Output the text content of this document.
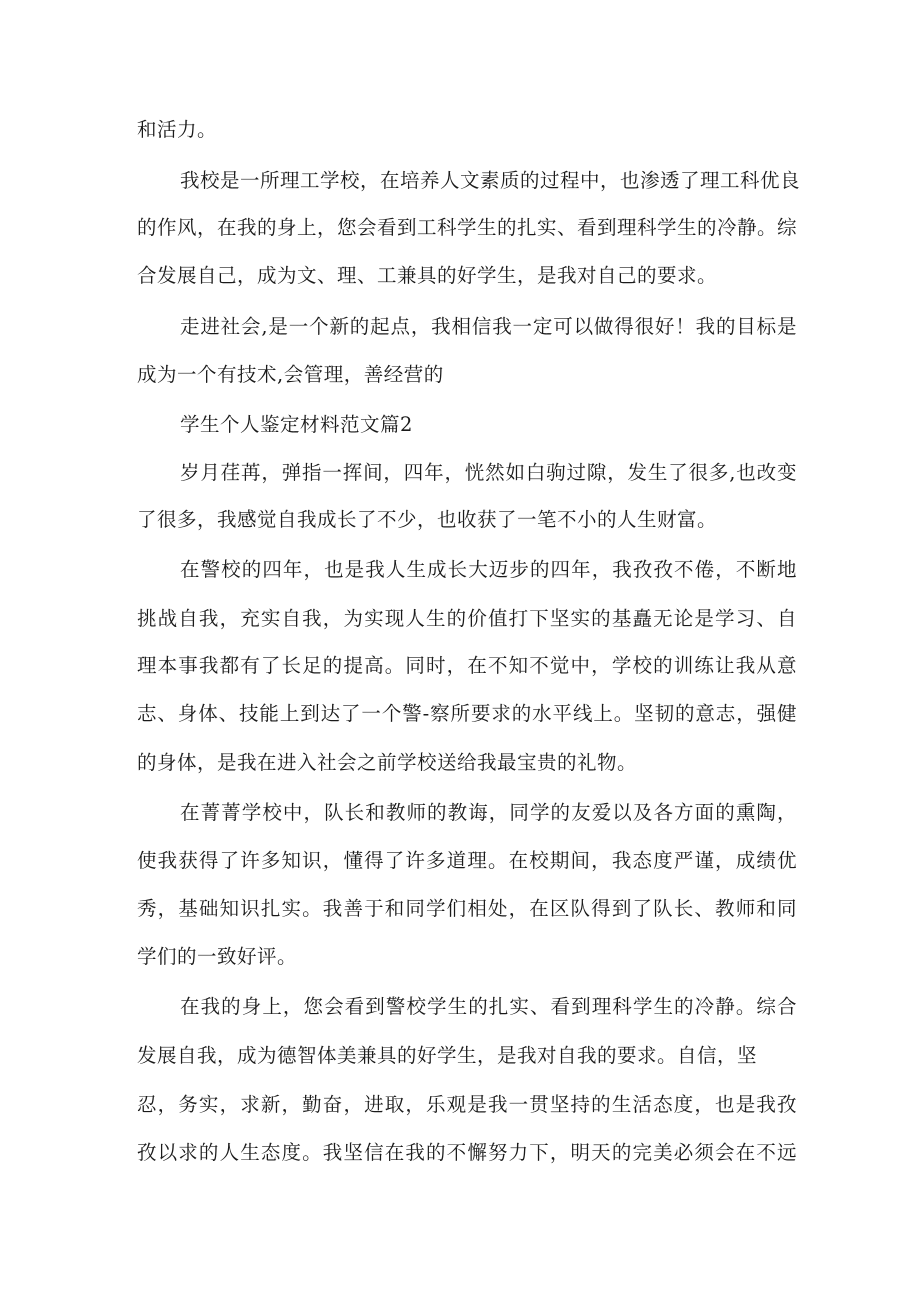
和活力。
我校是一所理工学校，在培养人文素质的过程中，也渗透了理工科优良
的作风，在我的身上，您会看到工科学生的扎实、看到理科学生的冷静。综
合发展自己，成为文、理、工兼具的好学生，是我对自己的要求。
走进社会,是一个新的起点，我相信我一定可以做得很好！我的目标是
成为一个有技术,会管理，善经营的
学生个人鉴定材料范文篇2
岁月荏苒，弹指一挥间，四年，恍然如白驹过隙，发生了很多,也改变
了很多，我感觉自我成长了不少，也收获了一笔不小的人生财富。
在警校的四年，也是我人生成长大迈步的四年，我孜孜不倦，不断地
挑战自我，充实自我，为实现人生的价值打下坚实的基矗无论是学习、自
理本事我都有了长足的提高。同时，在不知不觉中，学校的训练让我从意
志、身体、技能上到达了一个警-察所要求的水平线上。坚韧的意志，强健
的身体，是我在进入社会之前学校送给我最宝贵的礼物。
在菁菁学校中，队长和教师的教诲，同学的友爱以及各方面的熏陶，
使我获得了许多知识，懂得了许多道理。在校期间，我态度严谨，成绩优
秀，基础知识扎实。我善于和同学们相处，在区队得到了队长、教师和同
学们的一致好评。
在我的身上，您会看到警校学生的扎实、看到理科学生的冷静。综合
发展自我，成为德智体美兼具的好学生，是我对自我的要求。自信，坚
忍，务实，求新，勤奋，进取，乐观是我一贯坚持的生活态度，也是我孜
孜以求的人生态度。我坚信在我的不懈努力下，明天的完美必须会在不远
